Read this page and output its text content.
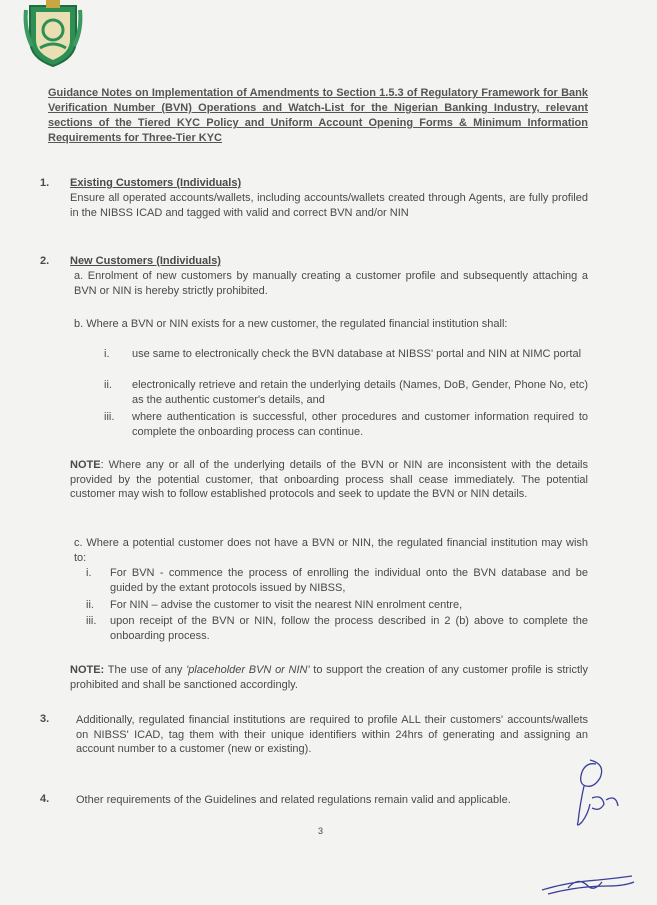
Guidance Notes on Implementation of Amendments to Section 1.5.3 of Regulatory Framework for Bank Verification Number (BVN) Operations and Watch-List for the Nigerian Banking Industry, relevant sections of the Tiered KYC Policy and Uniform Account Opening Forms & Minimum Information Requirements for Three-Tier KYC
1. Existing Customers (Individuals)
Ensure all operated accounts/wallets, including accounts/wallets created through Agents, are fully profiled in the NIBSS ICAD and tagged with valid and correct BVN and/or NIN
2. New Customers (Individuals)
a. Enrolment of new customers by manually creating a customer profile and subsequently attaching a BVN or NIN is hereby strictly prohibited.
b. Where a BVN or NIN exists for a new customer, the regulated financial institution shall:
i. use same to electronically check the BVN database at NIBSS' portal and NIN at NIMC portal
ii. electronically retrieve and retain the underlying details (Names, DoB, Gender, Phone No, etc) as the authentic customer's details, and
iii. where authentication is successful, other procedures and customer information required to complete the onboarding process can continue.
NOTE: Where any or all of the underlying details of the BVN or NIN are inconsistent with the details provided by the potential customer, that onboarding process shall cease immediately. The potential customer may wish to follow established protocols and seek to update the BVN or NIN details.
c. Where a potential customer does not have a BVN or NIN, the regulated financial institution may wish to:
i. For BVN - commence the process of enrolling the individual onto the BVN database and be guided by the extant protocols issued by NIBSS,
ii. For NIN – advise the customer to visit the nearest NIN enrolment centre,
iii. upon receipt of the BVN or NIN, follow the process described in 2 (b) above to complete the onboarding process.
NOTE: The use of any 'placeholder BVN or NIN' to support the creation of any customer profile is strictly prohibited and shall be sanctioned accordingly.
3. Additionally, regulated financial institutions are required to profile ALL their customers' accounts/wallets on NIBSS' ICAD, tag them with their unique identifiers within 24hrs of generating and assigning an account number to a customer (new or existing).
4. Other requirements of the Guidelines and related regulations remain valid and applicable.
3
